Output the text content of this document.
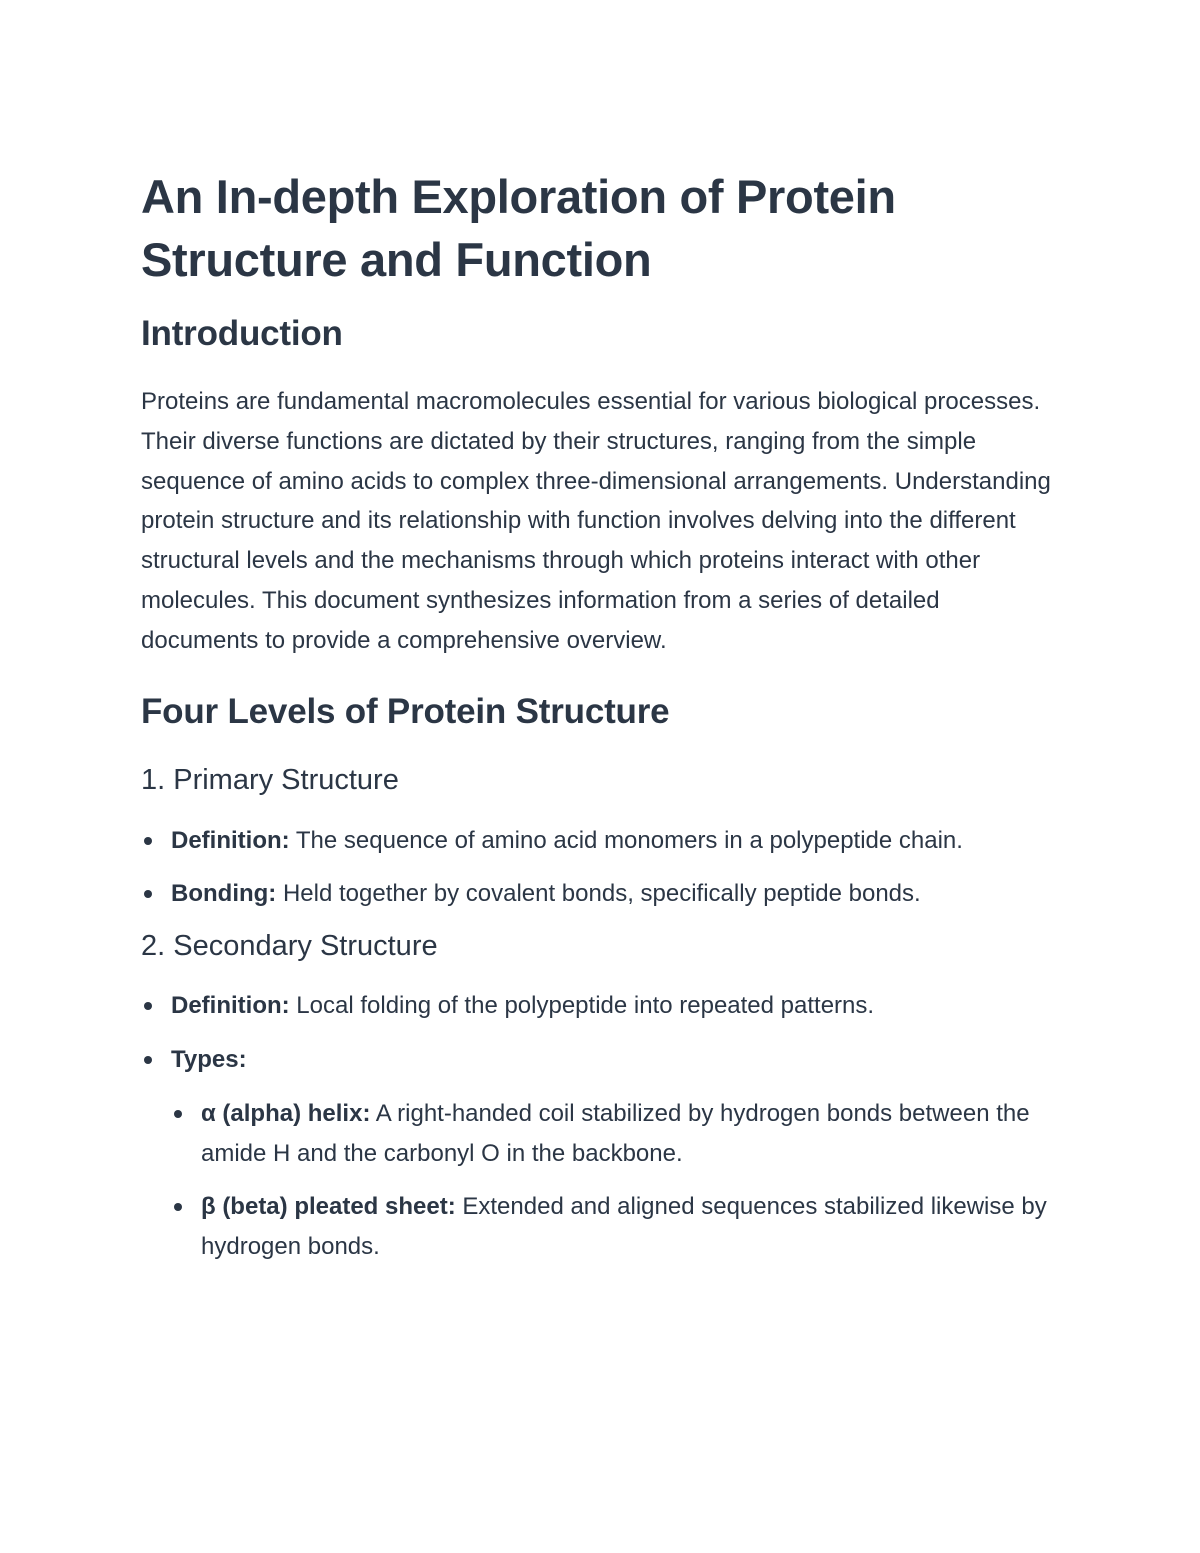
An In-depth Exploration of Protein Structure and Function
Introduction

Proteins are fundamental macromolecules essential for various biological processes. Their diverse functions are dictated by their structures, ranging from the simple sequence of amino acids to complex three-dimensional arrangements. Understanding protein structure and its relationship with function involves delving into the different structural levels and the mechanisms through which proteins interact with other molecules. This document synthesizes information from a series of detailed documents to provide a comprehensive overview.

Four Levels of Protein Structure
1. Primary Structure
Definition: The sequence of amino acid monomers in a polypeptide chain.
Bonding: Held together by covalent bonds, specifically peptide bonds.
2. Secondary Structure
Definition: Local folding of the polypeptide into repeated patterns.
Types:
α (alpha) helix: A right-handed coil stabilized by hydrogen bonds between the amide H and the carbonyl O in the backbone.
β (beta) pleated sheet: Extended and aligned sequences stabilized likewise by hydrogen bonds.
